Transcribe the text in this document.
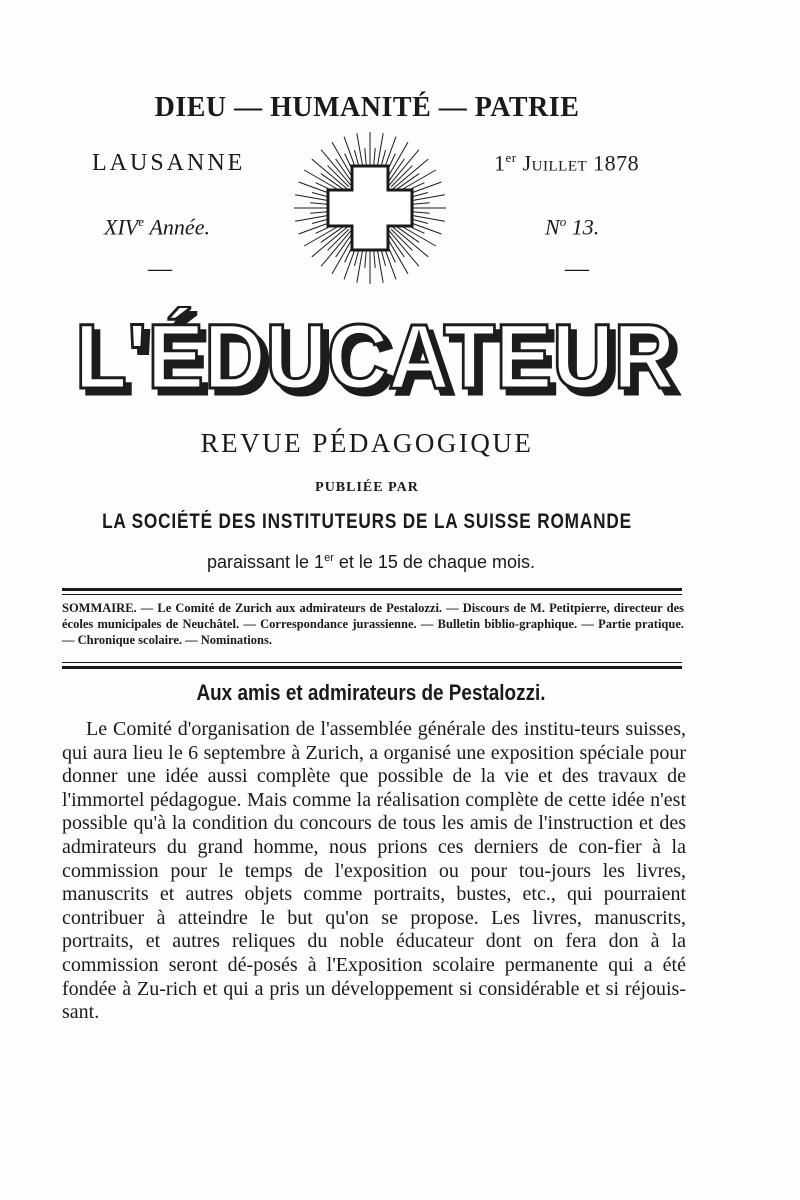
DIEU — HUMANITÉ — PATRIE
LAUSANNE	1er Juillet 1878
XIVe Année.	$N^o$ 13.
—	—
L'ÉDUCATEUR
REVUE PÉDAGOGIQUE
PUBLIÉE PAR
LA SOCIÉTÉ DES INSTITUTEURS DE LA SUISSE ROMANDE
paraissant le 1er et le 15 de chaque mois.
SOMMAIRE. — Le Comité de Zurich aux admirateurs de Pestalozzi. — Discours de M. Petitpierre, directeur des écoles municipales de Neuchâtel. — Correspondance jurassienne. — Bulletin biblio-graphique. — Partie pratique. — Chronique scolaire. — Nominations.
Aux amis et admirateurs de Pestalozzi.
Le Comité d'organisation de l'assemblée générale des institu-teurs suisses, qui aura lieu le 6 septembre à Zurich, a organisé une exposition spéciale pour donner une idée aussi complète que possible de la vie et des travaux de l'immortel pédagogue. Mais comme la réalisation complète de cette idée n'est possible qu'à la condition du concours de tous les amis de l'instruction et des admirateurs du grand homme, nous prions ces derniers de con-fier à la commission pour le temps de l'exposition ou pour tou-jours les livres, manuscrits et autres objets comme portraits, bustes, etc., qui pourraient contribuer à atteindre le but qu'on se propose. Les livres, manuscrits, portraits, et autres reliques du noble éducateur dont on fera don à la commission seront dé-posés à l'Exposition scolaire permanente qui a été fondée à Zu-rich et qui a pris un développement si considérable et si réjouis-sant.
